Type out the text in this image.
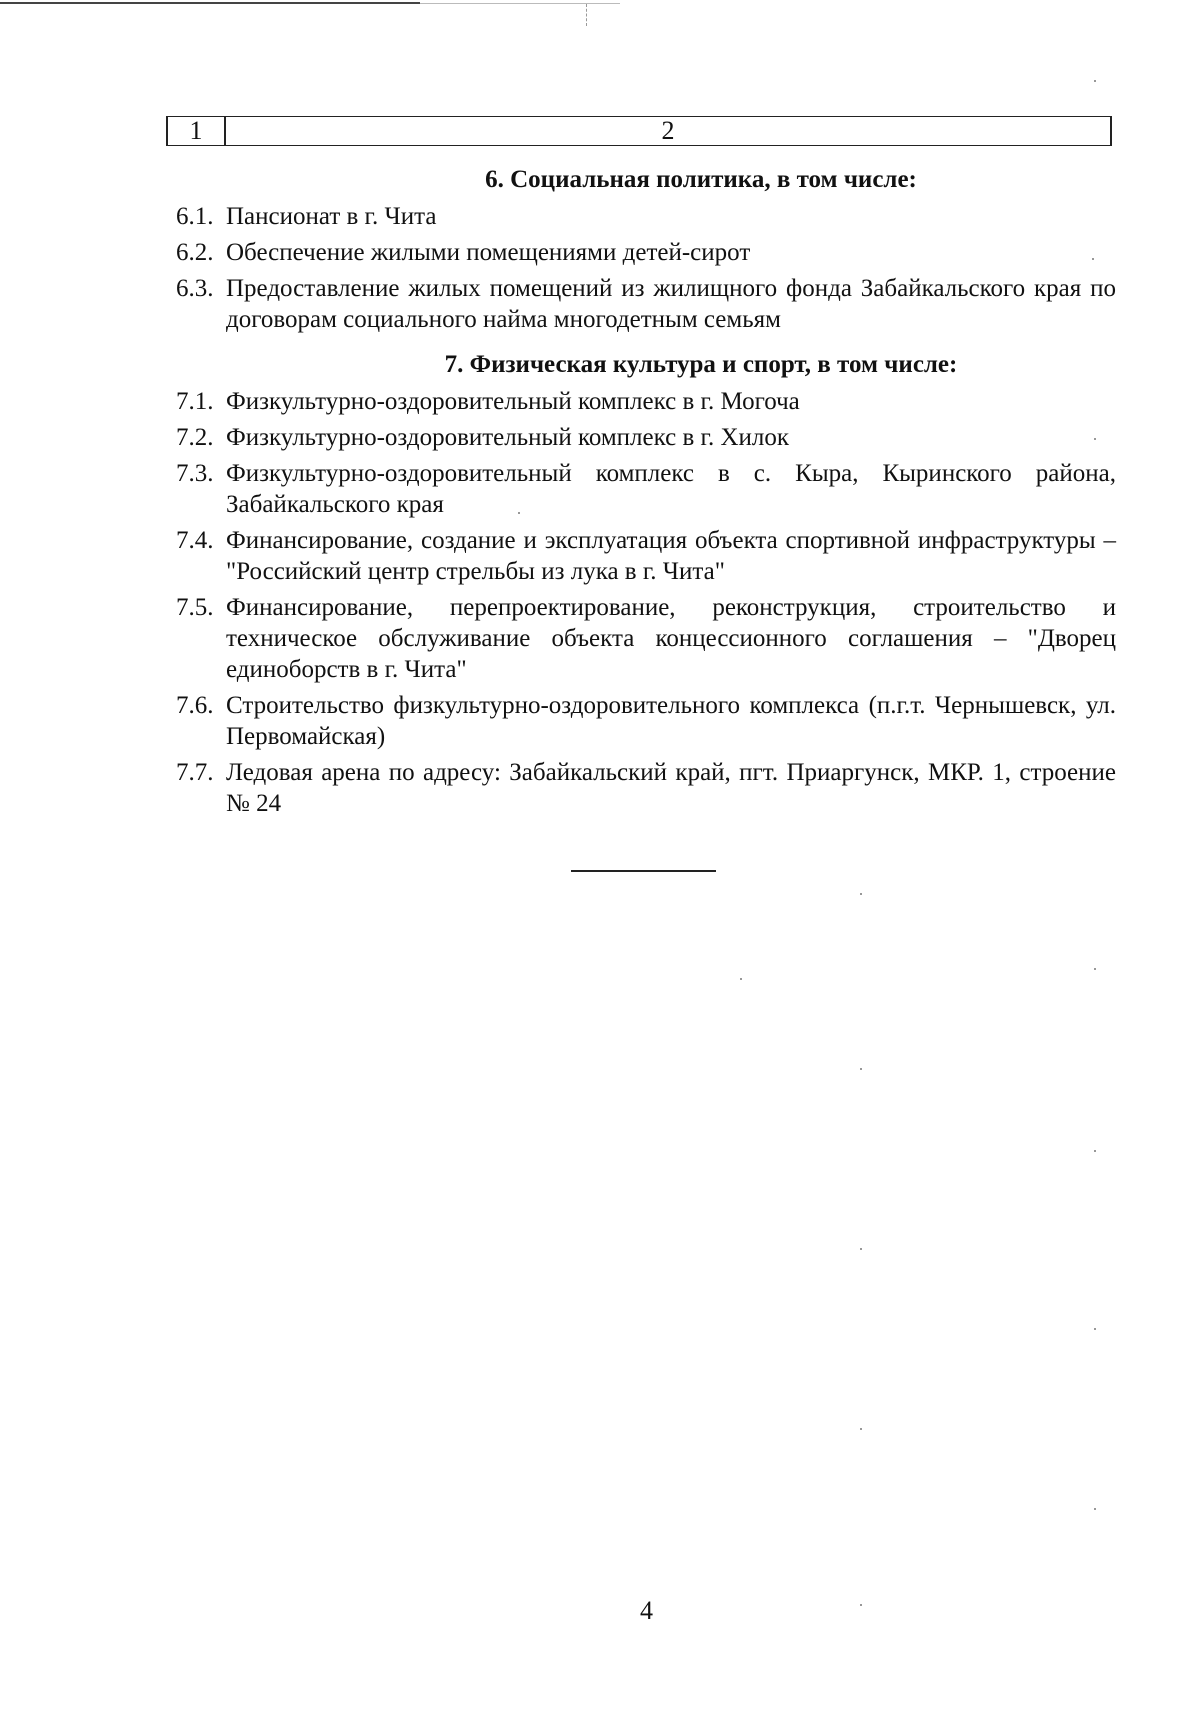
1	2
6. Социальная политика, в том числе:
6.1. Пансионат в г. Чита
6.2. Обеспечение жилыми помещениями детей-сирот
6.3. Предоставление жилых помещений из жилищного фонда Забайкальского края по договорам социального найма многодетным семьям
7. Физическая культура и спорт, в том числе:
7.1. Физкультурно-оздоровительный комплекс в г. Могоча
7.2. Физкультурно-оздоровительный комплекс в г. Хилок
7.3. Физкультурно-оздоровительный комплекс в с. Кыра, Кыринского района, Забайкальского края
7.4. Финансирование, создание и эксплуатация объекта спортивной инфраструктуры – "Российский центр стрельбы из лука в г. Чита"
7.5. Финансирование, перепроектирование, реконструкция, строительство и техническое обслуживание объекта концессионного соглашения – "Дворец единоборств в г. Чита"
7.6. Строительство физкультурно-оздоровительного комплекса (п.г.т. Чернышевск, ул. Первомайская)
7.7. Ледовая арена по адресу: Забайкальский край, пгт. Приаргунск, МКР. 1, строение № 24
4
